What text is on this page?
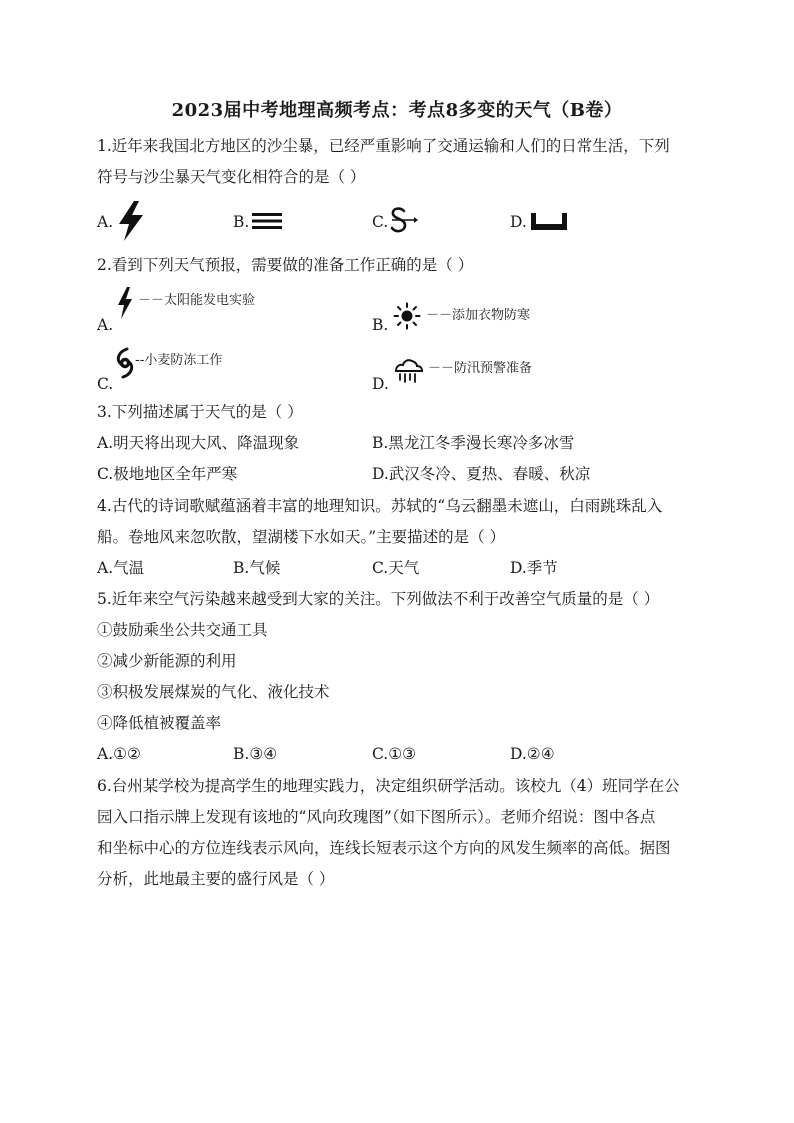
2023届中考地理高频考点：考点8多变的天气（B卷）
1.近年来我国北方地区的沙尘暴，已经严重影响了交通运输和人们的日常生活，下列
符号与沙尘暴天气变化相符合的是（ ）
A.	B.	C.	D.
2.看到下列天气预报，需要做的准备工作正确的是（ ）
－－太阳能发电实验
A.	B.
－－添加衣物防寒
--小麦防冻工作
C.	D.
－－防汛预警准备
3.下列描述属于天气的是（ ）
A.明天将出现大风、降温现象	B.黑龙江冬季漫长寒冷多冰雪
C.极地地区全年严寒	D.武汉冬冷、夏热、春暖、秋凉
4.古代的诗词歌赋蕴涵着丰富的地理知识。苏轼的“乌云翻墨未遮山，白雨跳珠乱入
船。卷地风来忽吹散，望湖楼下水如天。”主要描述的是（ ）
A.气温	B.气候	C.天气	D.季节
5.近年来空气污染越来越受到大家的关注。下列做法不利于改善空气质量的是（ ）
①鼓励乘坐公共交通工具
②减少新能源的利用
③积极发展煤炭的气化、液化技术
④降低植被覆盖率
A.①②	B.③④	C.①③	D.②④
6.台州某学校为提高学生的地理实践力，决定组织研学活动。该校九（4）班同学在公
园入口指示牌上发现有该地的“风向玫瑰图”（如下图所示）。老师介绍说：图中各点
和坐标中心的方位连线表示风向，连线长短表示这个方向的风发生频率的高低。据图
分析，此地最主要的盛行风是（ ）
